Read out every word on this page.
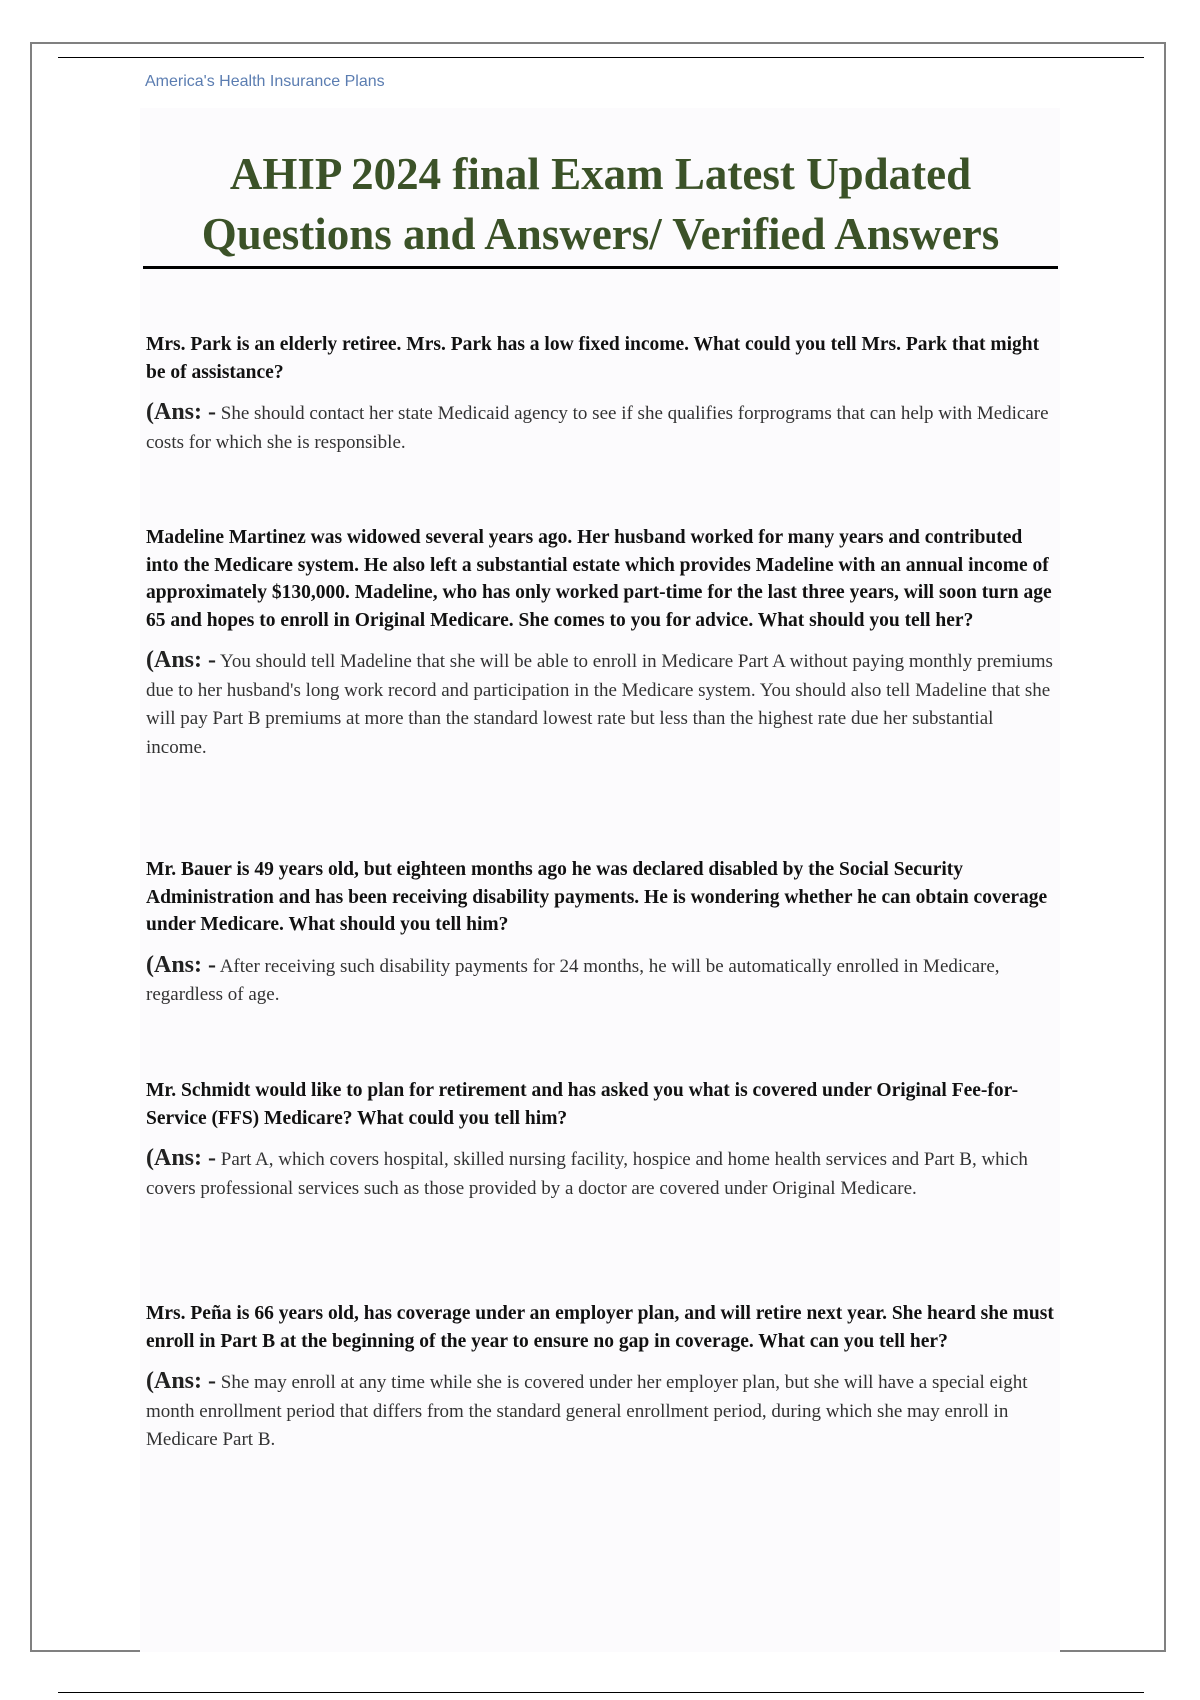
America's Health Insurance Plans
AHIP 2024 final Exam Latest Updated
Questions and Answers/ Verified Answers

Mrs. Park is an elderly retiree. Mrs. Park has a low fixed income. What could you tell Mrs. Park that might be of assistance?

(Ans: - She should contact her state Medicaid agency to see if she qualifies forprograms that can help with Medicare costs for which she is responsible.

Madeline Martinez was widowed several years ago. Her husband worked for many years and contributed into the Medicare system. He also left a substantial estate which provides Madeline with an annual income of approximately $130,000. Madeline, who has only worked part-time for the last three years, will soon turn age 65 and hopes to enroll in Original Medicare. She comes to you for advice. What should you tell her?

(Ans: - You should tell Madeline that she will be able to enroll in Medicare Part A without paying monthly premiums due to her husband's long work record and participation in the Medicare system. You should also tell Madeline that she will pay Part B premiums at more than the standard lowest rate but less than the highest rate due her substantial income.

Mr. Bauer is 49 years old, but eighteen months ago he was declared disabled by the Social Security Administration and has been receiving disability payments. He is wondering whether he can obtain coverage under Medicare. What should you tell him?

(Ans: - After receiving such disability payments for 24 months, he will be automatically enrolled in Medicare, regardless of age.

Mr. Schmidt would like to plan for retirement and has asked you what is covered under Original Fee-for-Service (FFS) Medicare? What could you tell him?

(Ans: - Part A, which covers hospital, skilled nursing facility, hospice and home health services and Part B, which covers professional services such as those provided by a doctor are covered under Original Medicare.

Mrs. Peña is 66 years old, has coverage under an employer plan, and will retire next year. She heard she must enroll in Part B at the beginning of the year to ensure no gap in coverage. What can you tell her?

(Ans: - She may enroll at any time while she is covered under her employer plan, but she will have a special eight month enrollment period that differs from the standard general enrollment period, during which she may enroll in Medicare Part B.
